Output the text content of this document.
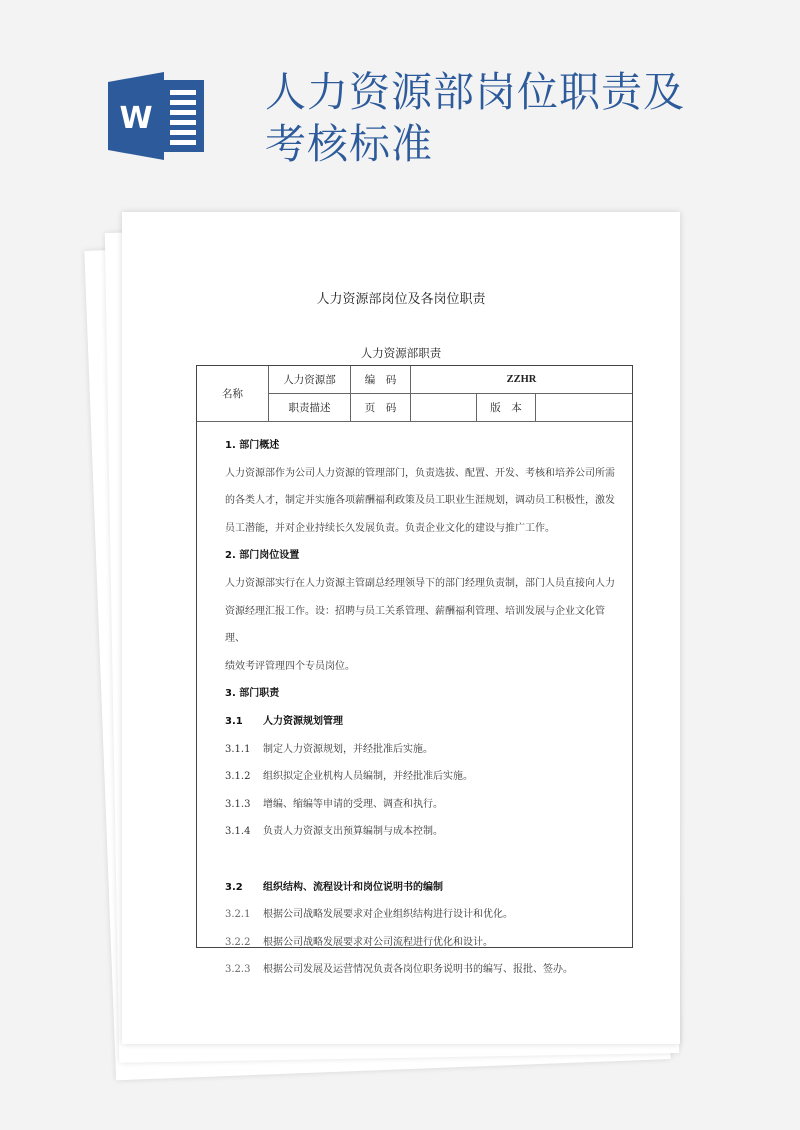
W
人力资源部岗位职责及
考核标准
人力资源部岗位及各岗位职责
人力资源部职责
名称
人力资源部
职责描述
编　码
页　码
ZZHR
版　本
1. 部门概述
人力资源部作为公司人力资源的管理部门，负责选拔、配置、开发、考核和培养公司所需
的各类人才，制定并实施各项薪酬福利政策及员工职业生涯规划，调动员工积极性，激发
员工潜能，并对企业持续长久发展负责。负责企业文化的建设与推广工作。
2. 部门岗位设置
人力资源部实行在人力资源主管副总经理领导下的部门经理负责制，部门人员直接向人力
资源经理汇报工作。设：招聘与员工关系管理、薪酬福利管理、培训发展与企业文化管理、
绩效考评管理四个专员岗位。
3. 部门职责
3.1 人力资源规划管理
3.1.1 制定人力资源规划，并经批准后实施。
3.1.2 组织拟定企业机构人员编制，并经批准后实施。
3.1.3 增编、缩编等申请的受理、调查和执行。
3.1.4 负责人力资源支出预算编制与成本控制。
3.2 组织结构、流程设计和岗位说明书的编制
3.2.1 根据公司战略发展要求对企业组织结构进行设计和优化。
3.2.2 根据公司战略发展要求对公司流程进行优化和设计。
3.2.3 根据公司发展及运营情况负责各岗位职务说明书的编写、报批、签办。
